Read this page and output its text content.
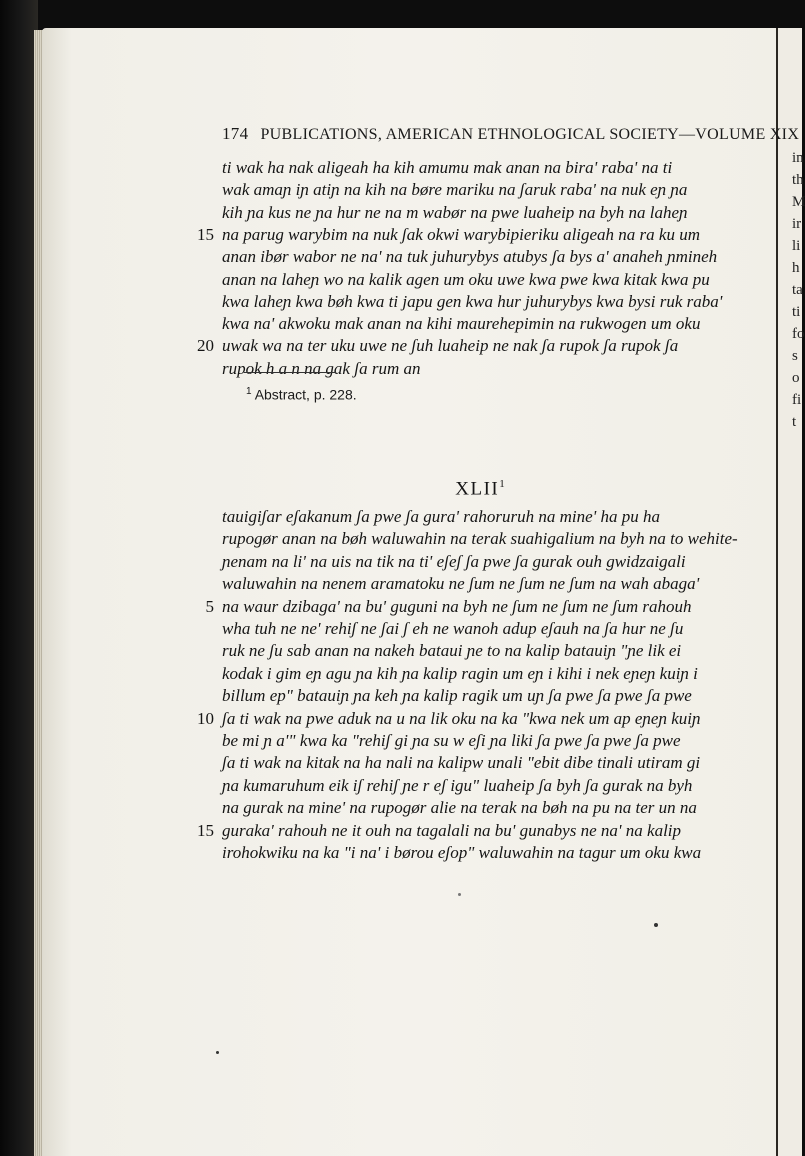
in
th
M
ir
li
h
ta
ti
fo
s
o
fi
t
174 PUBLICATIONS, AMERICAN ETHNOLOGICAL SOCIETY—VOLUME XIX
ti wak ha nak aligeah ha kih amumu mak anan na bira' raba' na ti
wak amaɲ iɲ atiɲ na kih na børe mariku na ʃaruk raba' na nuk eɲ ɲa
kih ɲa kus ne ɲa hur ne na m wabør na pwe luaheip na byh na laheɲ
15 na parug warybim na nuk ʃak okwi warybipieriku aligeah na ra ku um
anan ibør wabor ne na' na tuk juhurybys atubys ʃa bys a' anaheh ɲmineh
anan na laheɲ wo na kalik agen um oku uwe kwa pwe kwa kitak kwa pu
kwa laheɲ kwa bøh kwa ti japu gen kwa hur juhurybys kwa bysi ruk raba'
kwa na' akwoku mak anan na kihi maurehepimin na rukwogen um oku
20 uwak wa na ter uku uwe ne ʃuh luaheip ne nak ʃa rupok ʃa rupok ʃa
rupok h a n na gak ʃa rum an
$^1$ Abstract, p. 228.
XLII$^1$
tauigiʃar eʃakanum ʃa pwe ʃa gura' rahoruruh na mine' ha pu ha
rupogør anan na bøh waluwahin na terak suahigalium na byh na to wehite-
ɲenam na li' na uis na tik na ti' eʃeʃ ʃa pwe ʃa gurak ouh gwidzaigali
waluwahin na nenem aramatoku ne ʃum ne ʃum ne ʃum na wah abaga'
5 na waur dzibaga' na bu' guguni na byh ne ʃum ne ʃum ne ʃum rahouh
wha tuh ne ne' rehiʃ ne ʃai ʃ eh ne wanoh adup eʃauh na ʃa hur ne ʃu
ruk ne ʃu sab anan na nakeh bataui ɲe to na kalip batauiɲ "ɲe lik ei
kodak i gim eɲ agu ɲa kih ɲa kalip ragin um eɲ i kihi i nek eɲeɲ kuiɲ i
billum ep" batauiɲ ɲa keh ɲa kalip ragik um uɲ ʃa pwe ʃa pwe ʃa pwe
10 ʃa ti wak na pwe aduk na u na lik oku na ka "kwa nek um ap eɲeɲ kuiɲ
be mi ɲ a'" kwa ka "rehiʃ gi ɲa su w eʃi ɲa liki ʃa pwe ʃa pwe ʃa pwe
ʃa ti wak na kitak na ha nali na kalipw unali "ebit dibe tinali utiram gi
ɲa kumaruhum eik iʃ rehiʃ ɲe r eʃ igu" luaheip ʃa byh ʃa gurak na byh
na gurak na mine' na rupogør alie na terak na bøh na pu na ter un na
15 guraka' rahouh ne it ouh na tagalali na bu' gunabys ne na' na kalip
irohokwiku na ka "i na' i børou eʃop" waluwahin na tagur um oku kwa
